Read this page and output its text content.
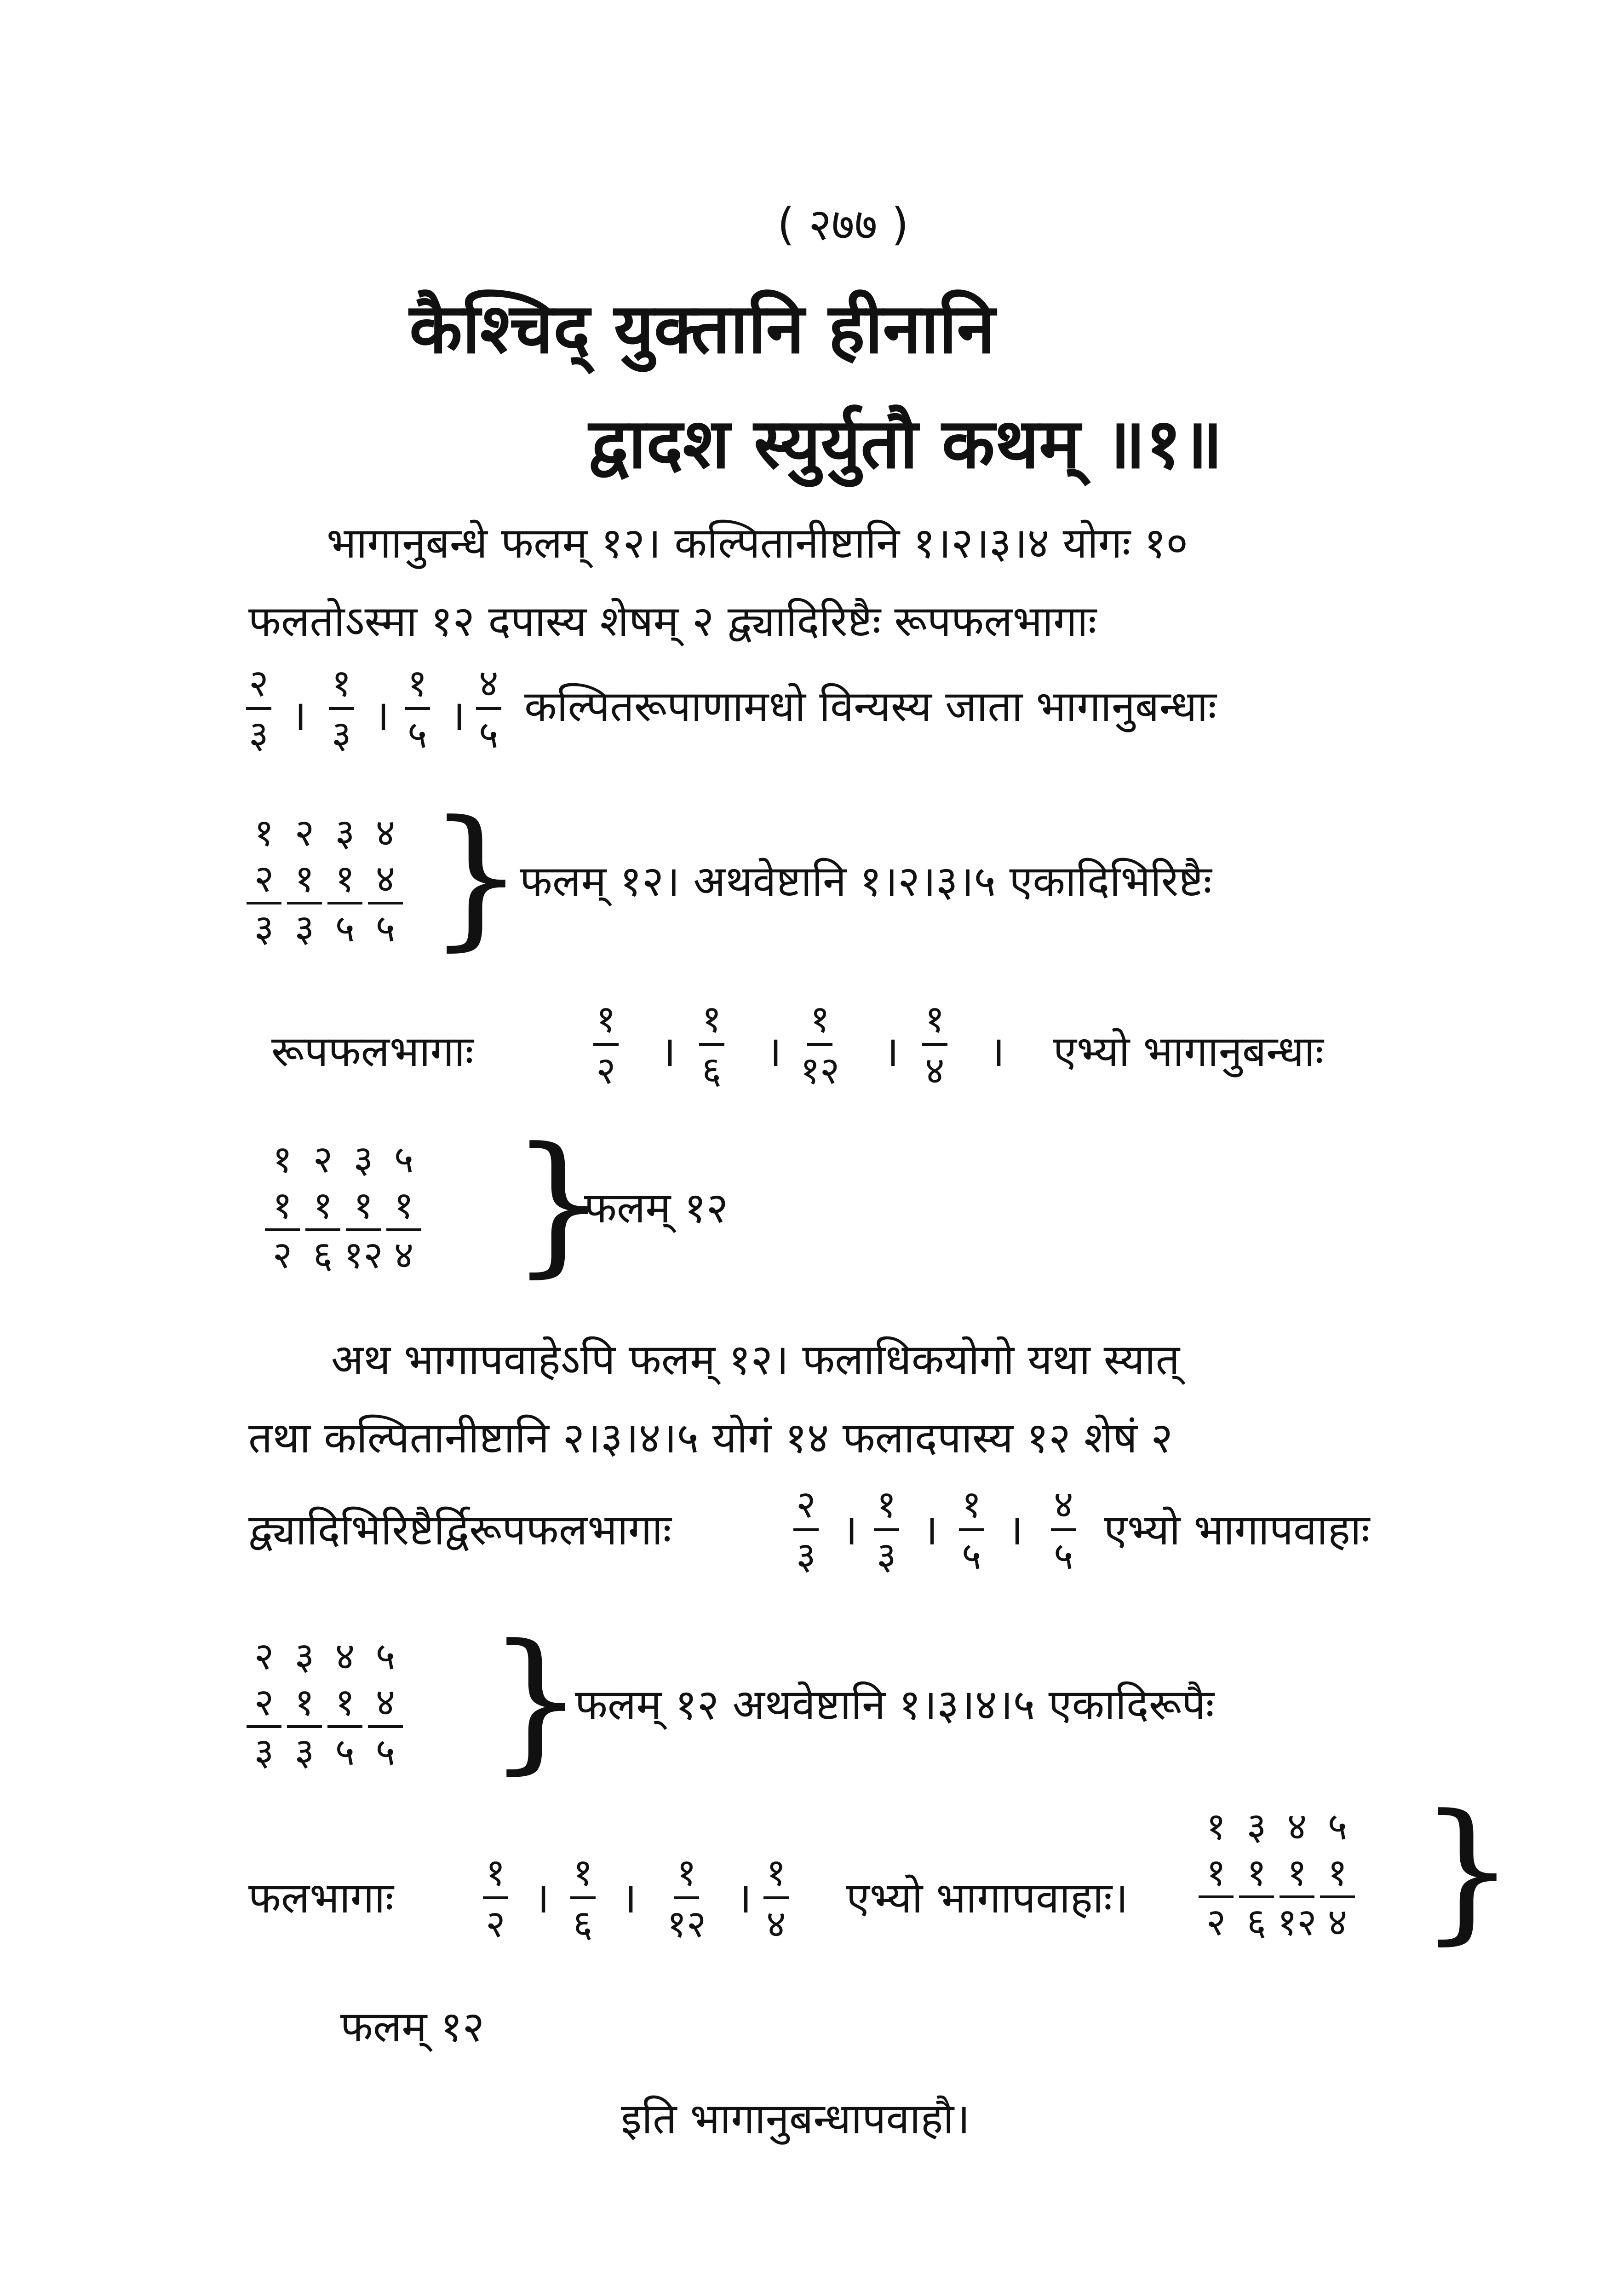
( २७७ )
कैश्चिद् युक्तानि हीनानि
द्वादश स्युर्युतौ कथम् ॥१॥
भागानुबन्धे फलम् १२। कल्पितानीष्टानि १।२।३।४ योगः १०
फलतोऽस्मा १२ दपास्य शेषम् २ द्व्यादिरिष्टैः रूपफलभागाः
२
३ ।
१
३ ।
१
५ ।
४
५
कल्पितरूपाणामधो विन्यस्य जाता भागानुबन्धाः
१ २ ३ ४
२ १ १ ४
३ ३ ५ ५ }
फलम् १२। अथवेष्टानि १।२।३।५ एकादिभिरिष्टैः
रूपफलभागाः
१
२ ।
१
६ ।
१
१२ ।
१
४ । एभ्यो भागानुबन्धाः
१ २ ३ ५
१ १ १ १
२ ६ १२ ४ }
फलम् १२
अथ भागापवाहेऽपि फलम् १२। फलाधिकयोगो यथा स्यात्
तथा कल्पितानीष्टानि २।३।४।५ योगं १४ फलादपास्य १२ शेषं २
द्व्यादिभिरिष्टैर्द्विरूपफलभागाः
२
३
।
१
३
।
१
५
।
४
५
एभ्यो भागापवाहाः
२ ३ ४ ५
२ १ १ ४
३ ३ ५ ५ }
फलम् १२ अथवेष्टानि १।३।४।५ एकादिरूपैः
फलभागाः
१
२
।
१
६
।
१
१२
।
१
४
एभ्यो भागापवाहाः।
१ ३ ४ ५
१ १ १ १
२ ६ १२ ४ }
फलम् १२
इति भागानुबन्धापवाहौ।
